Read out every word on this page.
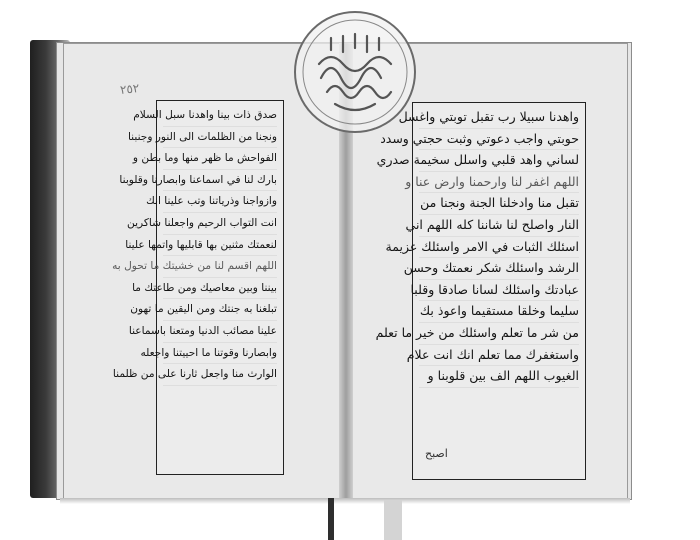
صدق ذات بينا واهدنا سبل السلام
ونجنا من الظلمات الى النور وجنبنا
الفواحش ما ظهر منها وما بطن و
بارك لنا في اسماعنا وابصارنا وقلوبنا
وازواجنا وذرياتنا وتب علينا انك
انت التواب الرحيم واجعلنا شاكرين
لنعمتك مثنين بها قابليها واتمها علينا
اللهم اقسم لنا من خشيتك ما تحول به
بيننا وبين معاصيك ومن طاعتك ما
تبلغنا به جنتك ومن اليقين ما تهون
علينا مصائب الدنيا ومتعنا باسماعنا
وابصارنا وقوتنا ما احييتنا واجعله
الوارث منا واجعل ثارنا على من ظلمنا
واهدنا سبيلا رب تقبل توبتي واغسل
حوبتي واجب دعوتي وثبت حجتي وسدد
لساني واهد قلبي واسلل سخيمة صدري
اللهم اغفر لنا وارحمنا وارض عنا و
تقبل منا وادخلنا الجنة ونجنا من
النار واصلح لنا شاننا كله اللهم اني
اسئلك الثبات في الامر واسئلك عزيمة
الرشد واسئلك شكر نعمتك وحسن
عبادتك واسئلك لسانا صادقا وقلبا
سليما وخلقا مستقيما واعوذ بك
من شر ما تعلم واسئلك من خير ما تعلم
واستغفرك مما تعلم انك انت علام
الغيوب اللهم الف بين قلوبنا و
٢٥٢
اصبح
